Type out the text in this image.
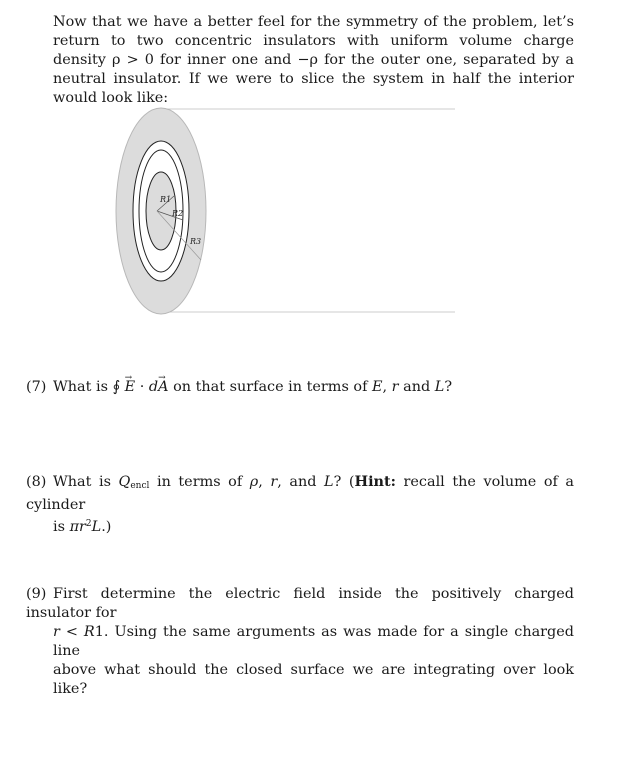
Now that we have a better feel for the symmetry of the problem, let’s return to two concentric insulators with uniform volume charge density ρ > 0 for inner one and −ρ for the outer one, separated by a neutral insulator. If we were to slice the system in half the interior would look like:
R1
R2
R3
(7) What is ∮ → E · d→ A on that surface in terms of E, r and L?
(8) What is $Q_{encl}$ in terms of ρ, r, and L? (Hint: recall the volume of a cylinder
is $\pi r^2L$.)
(9) First determine the electric field inside the positively charged insulator for
r < R1. Using the same arguments as was made for a single charged line
above what should the closed surface we are integrating over look like?
